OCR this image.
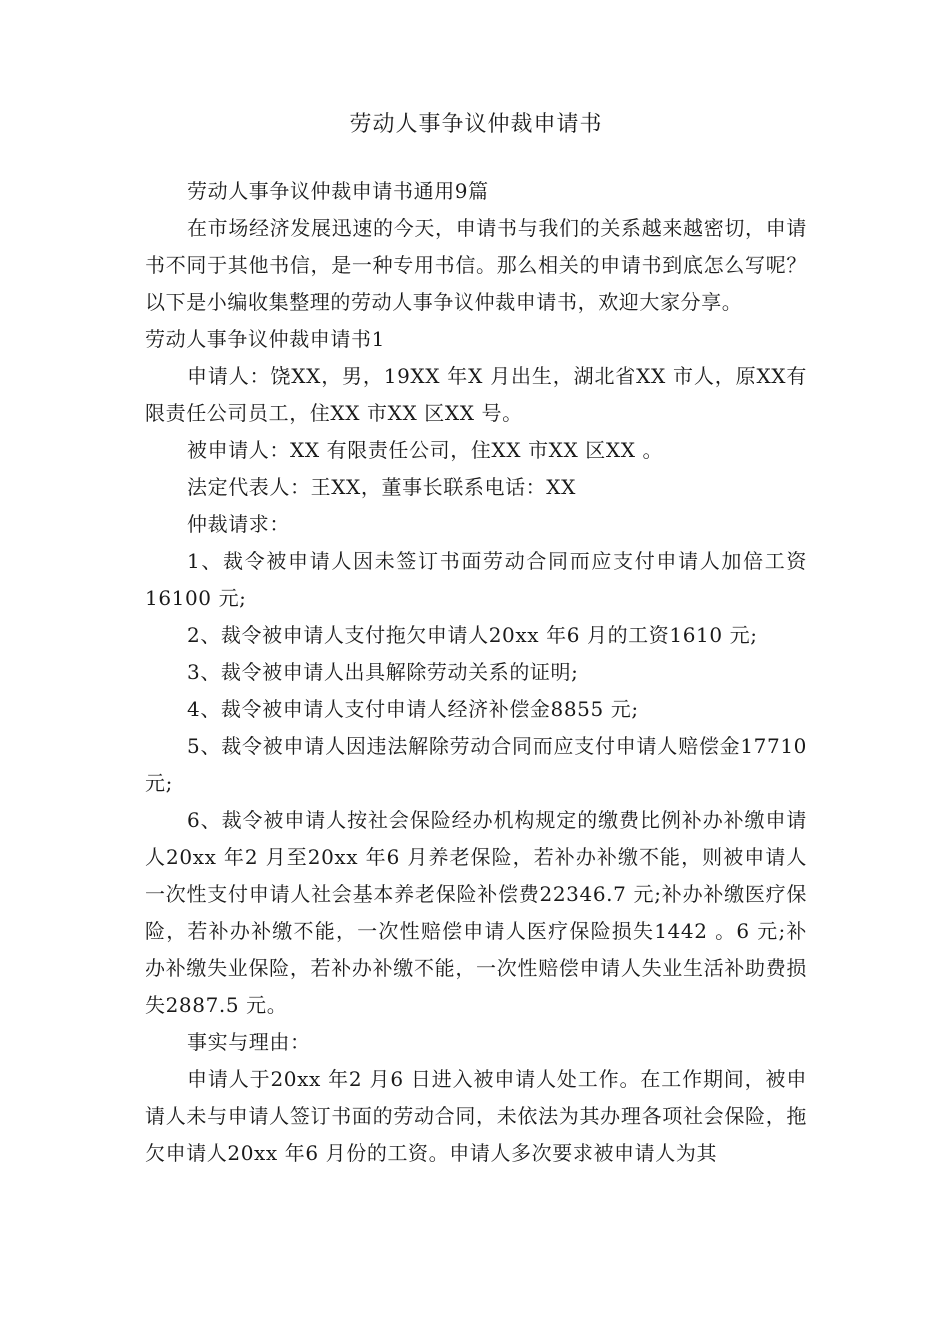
劳动人事争议仲裁申请书

劳动人事争议仲裁申请书通用9篇

在市场经济发展迅速的今天，申请书与我们的关系越来越密切，申请书不同于其他书信，是一种专用书信。那么相关的申请书到底怎么写呢？以下是小编收集整理的劳动人事争议仲裁申请书，欢迎大家分享。

劳动人事争议仲裁申请书1

申请人：饶XX，男，19XX 年X 月出生，湖北省XX 市人，原XX有限责任公司员工，住XX 市XX 区XX 号。

被申请人：XX 有限责任公司，住XX 市XX 区XX 。

法定代表人：王XX，董事长联系电话：XX

仲裁请求：

1、裁令被申请人因未签订书面劳动合同而应支付申请人加倍工资16100 元;

2、裁令被申请人支付拖欠申请人20xx 年6 月的工资1610 元;

3、裁令被申请人出具解除劳动关系的证明;

4、裁令被申请人支付申请人经济补偿金8855 元;

5、裁令被申请人因违法解除劳动合同而应支付申请人赔偿金17710 元;

6、裁令被申请人按社会保险经办机构规定的缴费比例补办补缴申请人20xx 年2 月至20xx 年6 月养老保险，若补办补缴不能，则被申请人一次性支付申请人社会基本养老保险补偿费22346.7 元;补办补缴医疗保险，若补办补缴不能，一次性赔偿申请人医疗保险损失1442 。6 元;补办补缴失业保险，若补办补缴不能，一次性赔偿申请人失业生活补助费损失2887.5 元。

事实与理由：

申请人于20xx 年2 月6 日进入被申请人处工作。在工作期间，被申请人未与申请人签订书面的劳动合同，未依法为其办理各项社会保险，拖欠申请人20xx 年6 月份的工资。申请人多次要求被申请人为其
